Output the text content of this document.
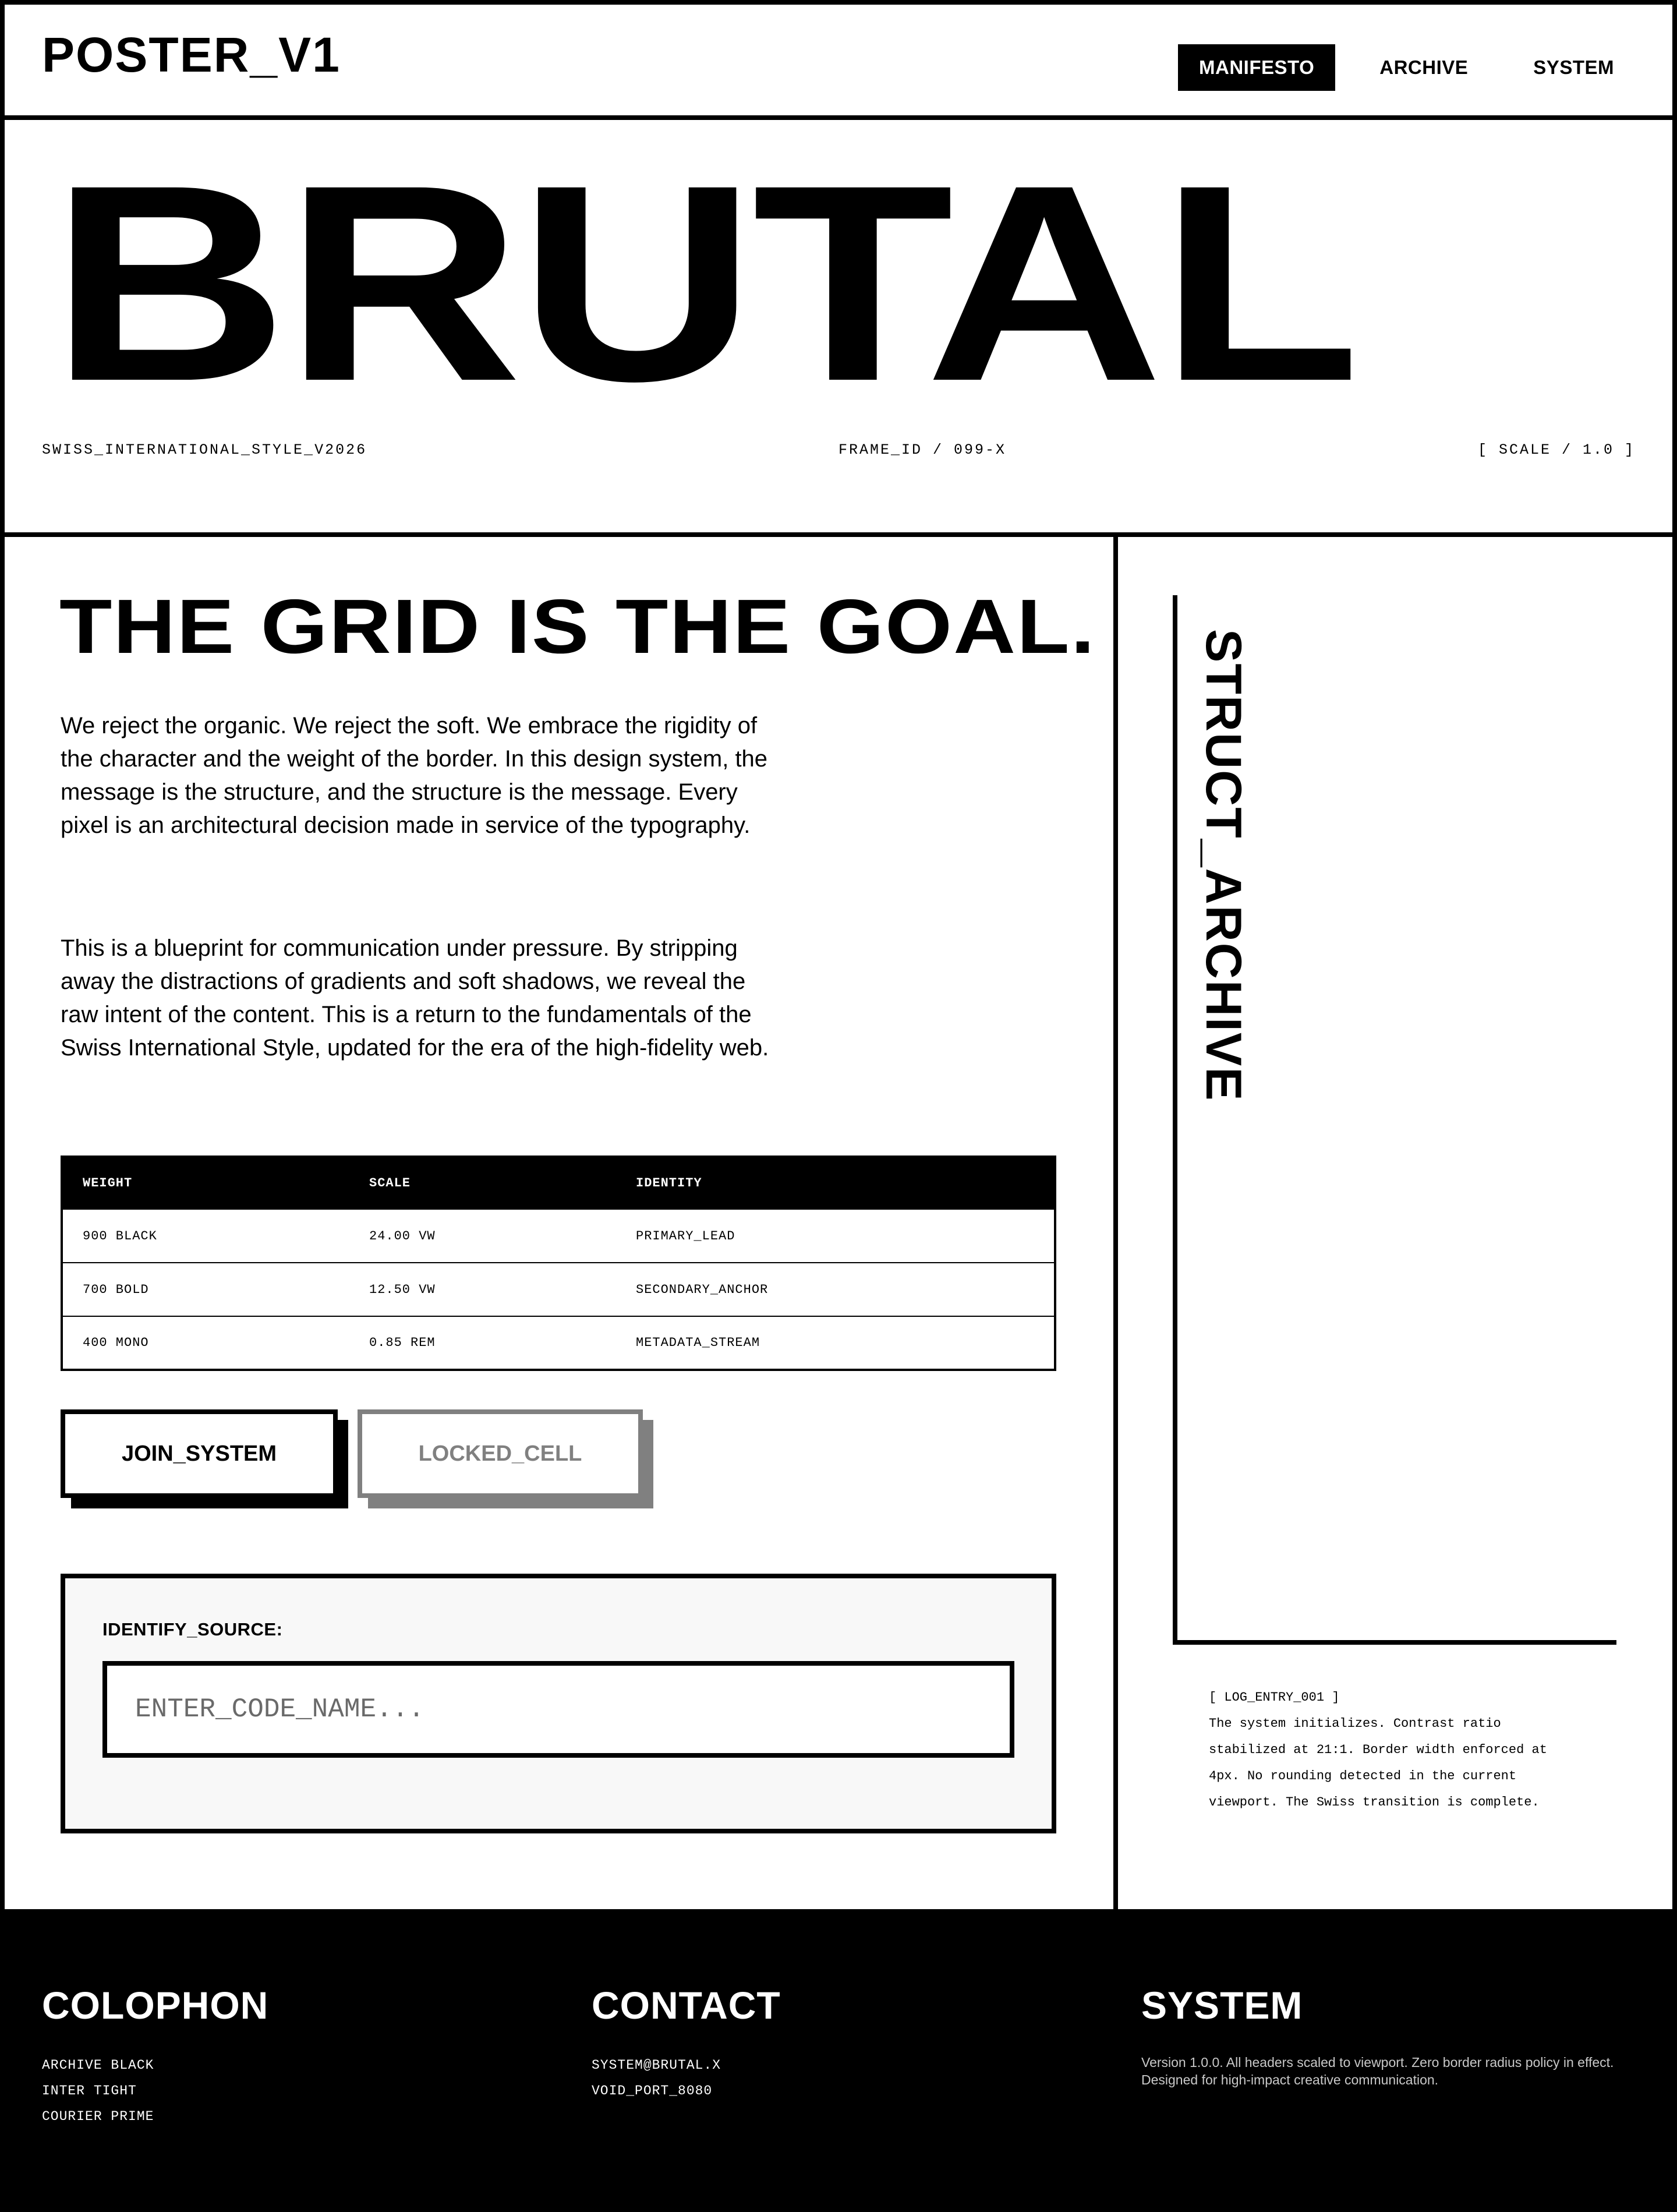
POSTER_V1	MANIFESTO	ARCHIVE	SYSTEM
BRUTAL
SWISS_INTERNATIONAL_STYLE_V2026	FRAME_ID / 099-X	[ SCALE / 1.0 ]
THE GRID IS THE GOAL.

We reject the organic. We reject the soft. We embrace the rigidity of the character and the weight of the border. In this design system, the message is the structure, and the structure is the message. Every pixel is an architectural decision made in service of the typography.

This is a blueprint for communication under pressure. By stripping away the distractions of gradients and soft shadows, we reveal the raw intent of the content. This is a return to the fundamentals of the Swiss International Style, updated for the era of the high-fidelity web.

WEIGHT	SCALE	IDENTITY
900 BLACK	24.00 VW	PRIMARY_LEAD
700 BOLD	12.50 VW	SECONDARY_ANCHOR
400 MONO	0.85 REM	METADATA_STREAM
JOIN_SYSTEM	LOCKED_CELL
IDENTIFY_SOURCE:
ENTER_CODE_NAME...
STRUCT_ARCHIVE
[ LOG_ENTRY_001 ]
The system initializes. Contrast ratio stabilized at 21:1. Border width enforced at 4px. No rounding detected in the current viewport. The Swiss transition is complete.
COLOPHON
ARCHIVE BLACK
INTER TIGHT
COURIER PRIME
CONTACT
SYSTEM@BRUTAL.X
VOID_PORT_8080
SYSTEM

Version 1.0.0. All headers scaled to viewport. Zero border radius policy in effect. Designed for high-impact creative communication.
